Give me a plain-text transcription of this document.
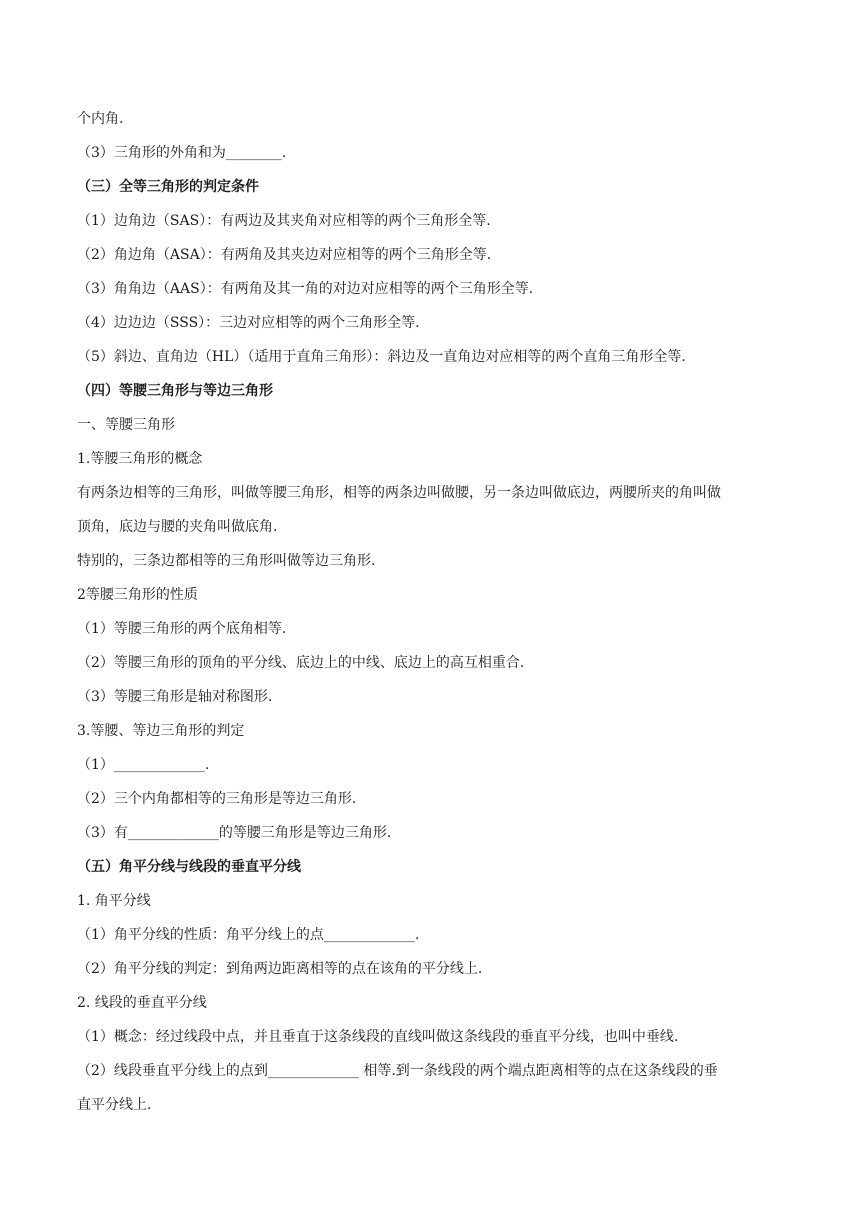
个内角.
（3）三角形的外角和为________.
（三）全等三角形的判定条件
（1）边角边（SAS）：有两边及其夹角对应相等的两个三角形全等.
（2）角边角（ASA）：有两角及其夹边对应相等的两个三角形全等.
（3）角角边（AAS）：有两角及其一角的对边对应相等的两个三角形全等.
（4）边边边（SSS）：三边对应相等的两个三角形全等.
（5）斜边、直角边（HL）（适用于直角三角形）：斜边及一直角边对应相等的两个直角三角形全等.
（四）等腰三角形与等边三角形
一、等腰三角形
1.等腰三角形的概念
有两条边相等的三角形，叫做等腰三角形，相等的两条边叫做腰，另一条边叫做底边，两腰所夹的角叫做
顶角，底边与腰的夹角叫做底角.
特别的，三条边都相等的三角形叫做等边三角形.
2等腰三角形的性质
（1）等腰三角形的两个底角相等.
（2）等腰三角形的顶角的平分线、底边上的中线、底边上的高互相重合.
（3）等腰三角形是轴对称图形.
3.等腰、等边三角形的判定
（1）_____________.
（2）三个内角都相等的三角形是等边三角形.
（3）有_____________的等腰三角形是等边三角形.
（五）角平分线与线段的垂直平分线
1. 角平分线
（1）角平分线的性质：角平分线上的点_____________.
（2）角平分线的判定：到角两边距离相等的点在该角的平分线上.
2. 线段的垂直平分线
（1）概念：经过线段中点，并且垂直于这条线段的直线叫做这条线段的垂直平分线，也叫中垂线.
（2）线段垂直平分线上的点到_____________ 相等.到一条线段的两个端点距离相等的点在这条线段的垂
直平分线上.
